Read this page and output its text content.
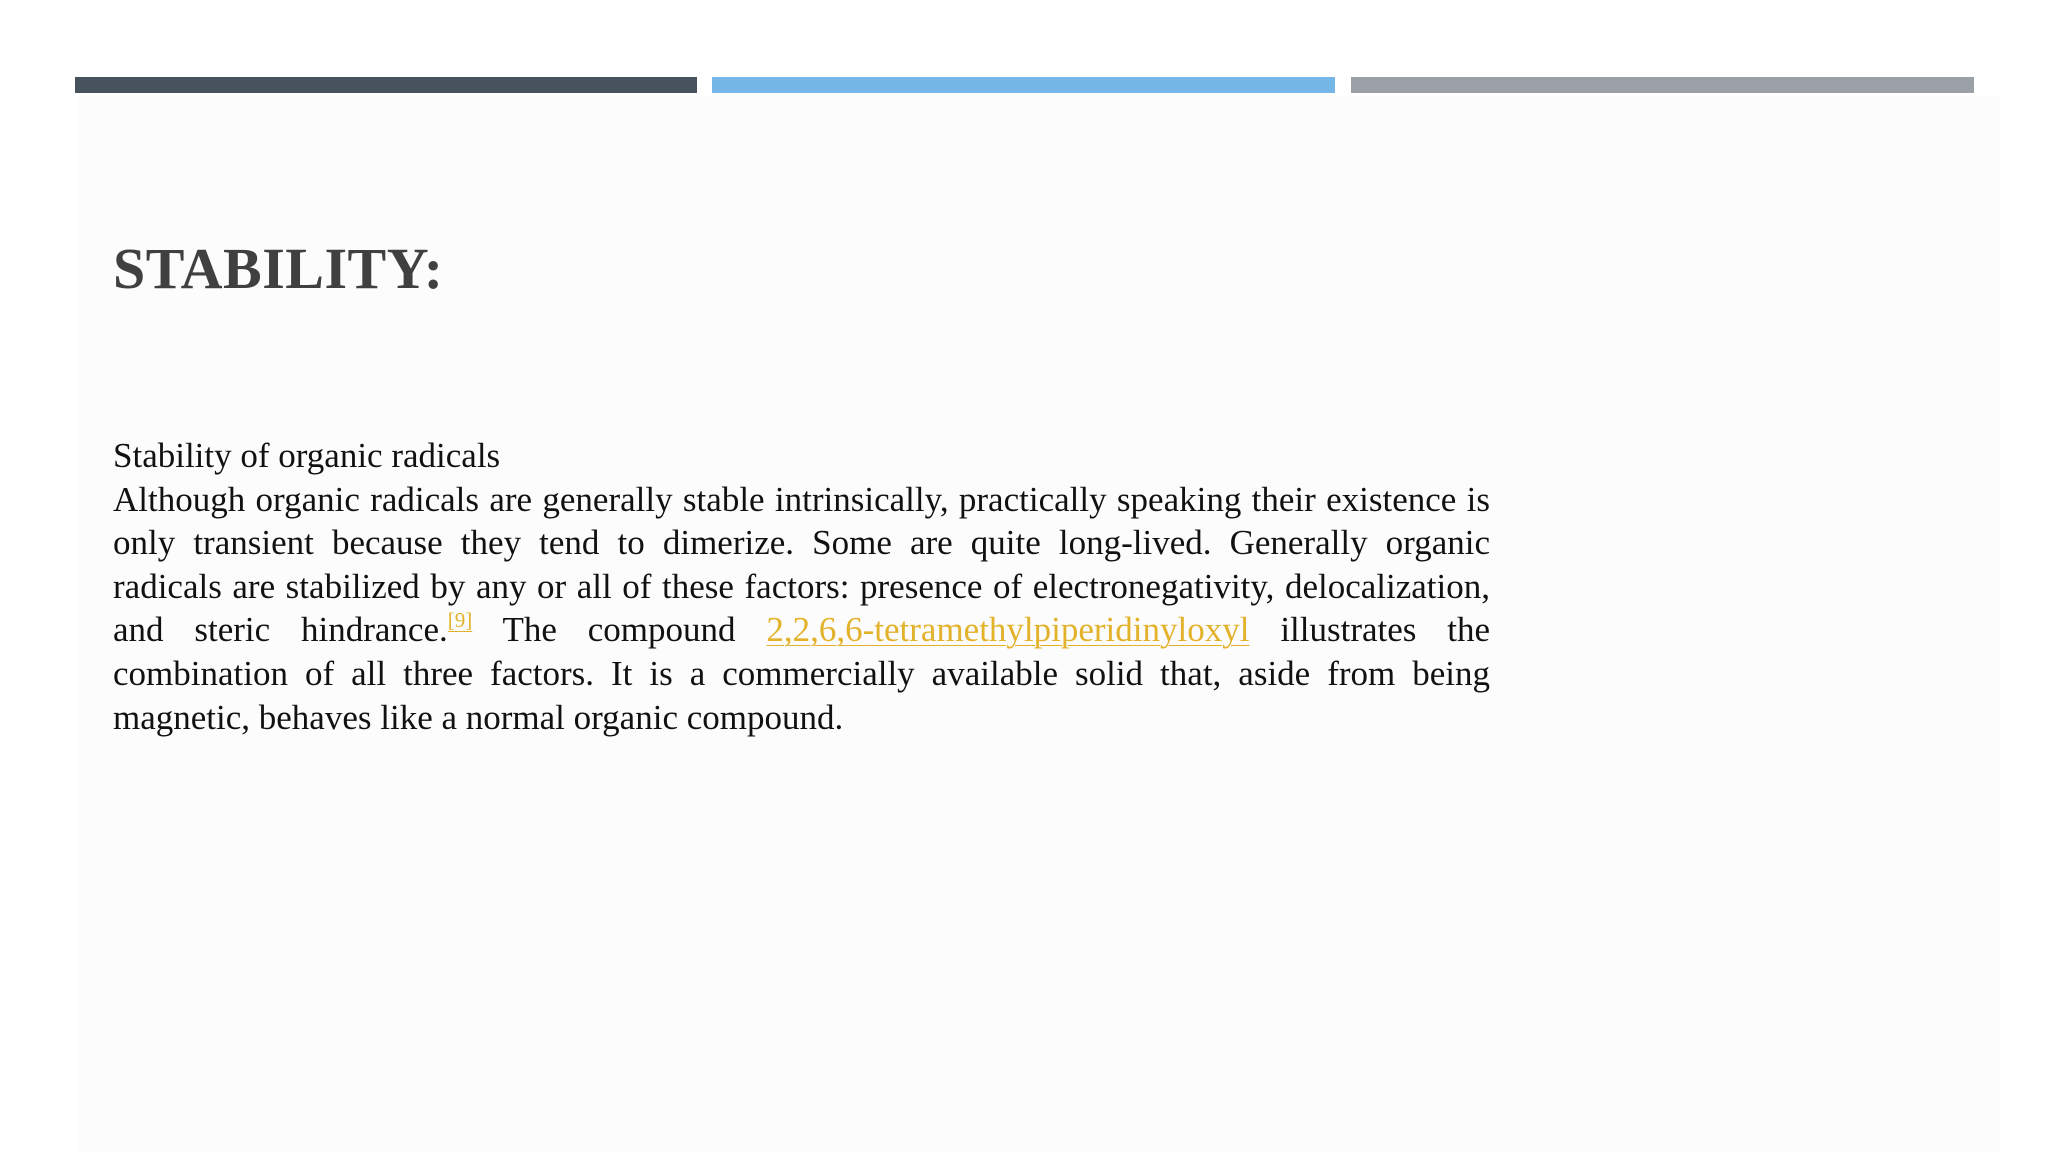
STABILITY:
Stability of organic radicals

Although organic radicals are generally stable intrinsically, practically speaking their existence is only transient because they tend to dimerize. Some are quite long-lived. Generally organic radicals are stabilized by any or all of these factors: presence of electronegativity, delocalization, and steric hindrance.[9] The compound 2,2,6,6-tetramethylpiperidinyloxyl illustrates the combination of all three factors. It is a commercially available solid that, aside from being magnetic, behaves like a normal organic compound.
